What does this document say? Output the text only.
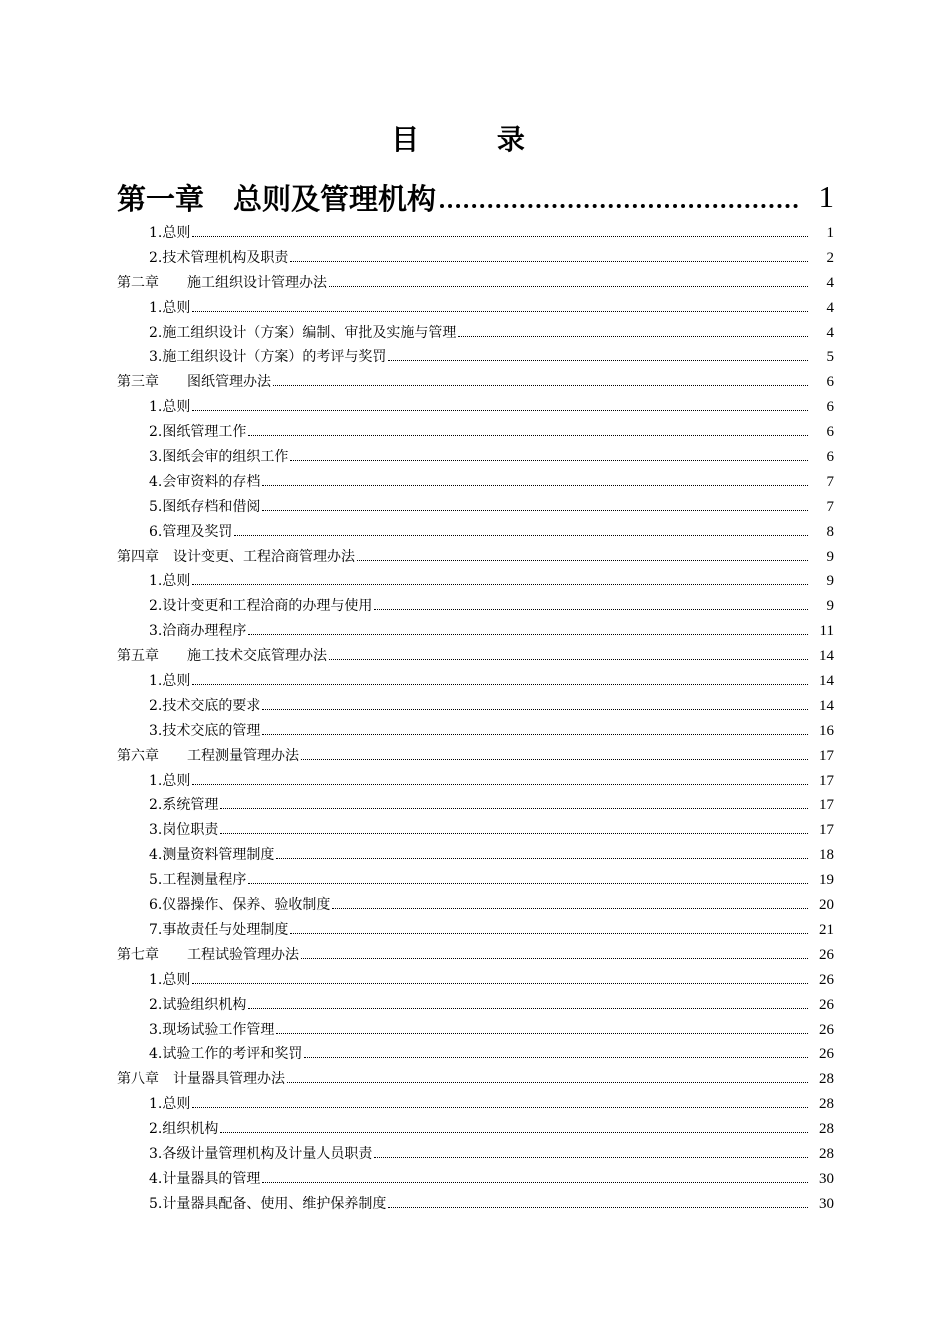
目 录
第一章　总则及管理机构	1
1.总则	1
2.技术管理机构及职责	2
第二章　　施工组织设计管理办法	4
1.总则	4
2.施工组织设计（方案）编制、审批及实施与管理	4
3.施工组织设计（方案）的考评与奖罚	5
第三章　　图纸管理办法	6
1.总则	6
2.图纸管理工作	6
3.图纸会审的组织工作	6
4.会审资料的存档	7
5.图纸存档和借阅	7
6.管理及奖罚	8
第四章　设计变更、工程洽商管理办法	9
1.总则	9
2.设计变更和工程洽商的办理与使用	9
3.洽商办理程序	11
第五章　　施工技术交底管理办法	14
1.总则	14
2.技术交底的要求	14
3.技术交底的管理	16
第六章　　工程测量管理办法	17
1.总则	17
2.系统管理	17
3.岗位职责	17
4.测量资料管理制度	18
5.工程测量程序	19
6.仪器操作、保养、验收制度	20
7.事故责任与处理制度	21
第七章　　工程试验管理办法	26
1.总则	26
2.试验组织机构	26
3.现场试验工作管理	26
4.试验工作的考评和奖罚	26
第八章　计量器具管理办法	28
1.总则	28
2.组织机构	28
3.各级计量管理机构及计量人员职责	28
4.计量器具的管理	30
5.计量器具配备、使用、维护保养制度	30
